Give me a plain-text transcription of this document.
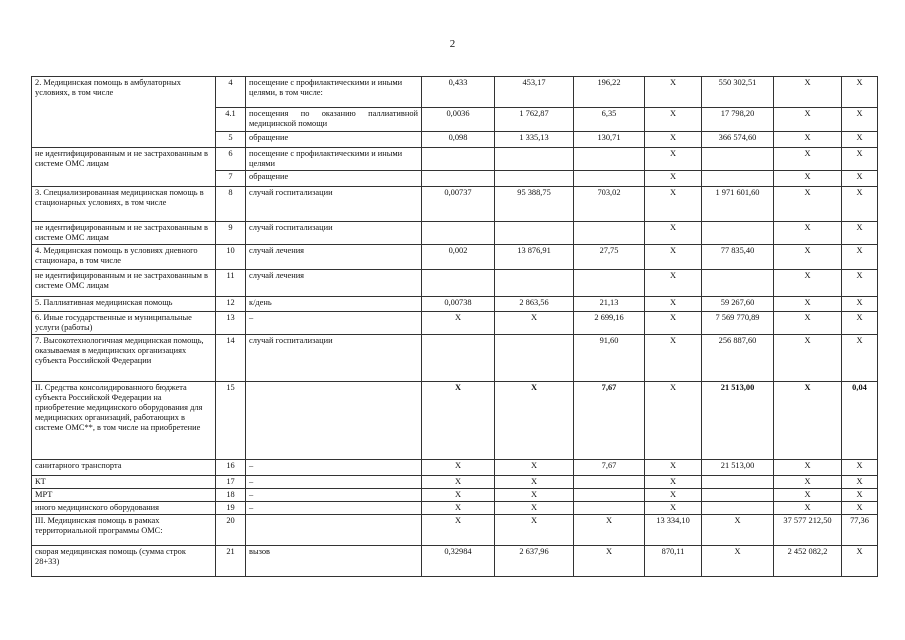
2
2. Медицинская помощь в амбулаторных условиях, в том числе	4	посещение с профилактическими и иными целями, в том числе:	0,433	453,17	196,22	Х	550 302,51	Х	Х
	4.1	посещения по оказанию паллиативной медицинской помощи	0,0036	1 762,87	6,35	Х	17 798,20	Х	Х
	5	обращение	0,098	1 335,13	130,71	Х	366 574,60	Х	Х
не идентифицированным и не застрахованным в системе ОМС лицам	6	посещение с профилактическими и иными целями				Х		Х	Х
	7	обращение				Х		Х	Х
3. Специализированная медицинская помощь в стационарных условиях, в том числе	8	случай госпитализации	0,00737	95 388,75	703,02	Х	1 971 601,60	Х	Х
не идентифицированным и не застрахованным в системе ОМС лицам	9	случай госпитализации				Х		Х	Х
4. Медицинская помощь в условиях дневного стационара, в том числе	10	случай лечения	0,002	13 876,91	27,75	Х	77 835,40	Х	Х
не идентифицированным и не застрахованным в системе ОМС лицам	11	случай лечения				Х		Х	Х
5. Паллиативная медицинская помощь	12	к/день	0,00738	2 863,56	21,13	Х	59 267,60	Х	Х
6. Иные государственные и муниципальные услуги (работы)	13	–	Х	Х	2 699,16	Х	7 569 770,89	Х	Х
7. Высокотехнологичная медицинская помощь, оказываемая в медицинских организациях субъекта Российской Федерации	14	случай госпитализации			91,60	Х	256 887,60	Х	Х
II. Средства консолидированного бюджета субъекта Российской Федерации на приобретение медицинского оборудования для медицинских организаций, работающих в системе ОМС**, в том числе на приобретение	15		Х	Х	7,67	Х	21 513,00	Х	0,04
санитарного транспорта	16	–	Х	Х	7,67	Х	21 513,00	Х	Х
КТ	17	–	Х	Х		Х		Х	Х
МРТ	18	–	Х	Х		Х		Х	Х
иного медицинского оборудования	19	–	Х	Х		Х		Х	Х
III. Медицинская помощь в рамках территориальной программы ОМС:	20		Х	Х	Х	13 334,10	Х	37 577 212,50	77,36
скорая медицинская помощь (сумма строк 28+33)	21	вызов	0,32984	2 637,96	Х	870,11	Х	2 452 082,2	Х
